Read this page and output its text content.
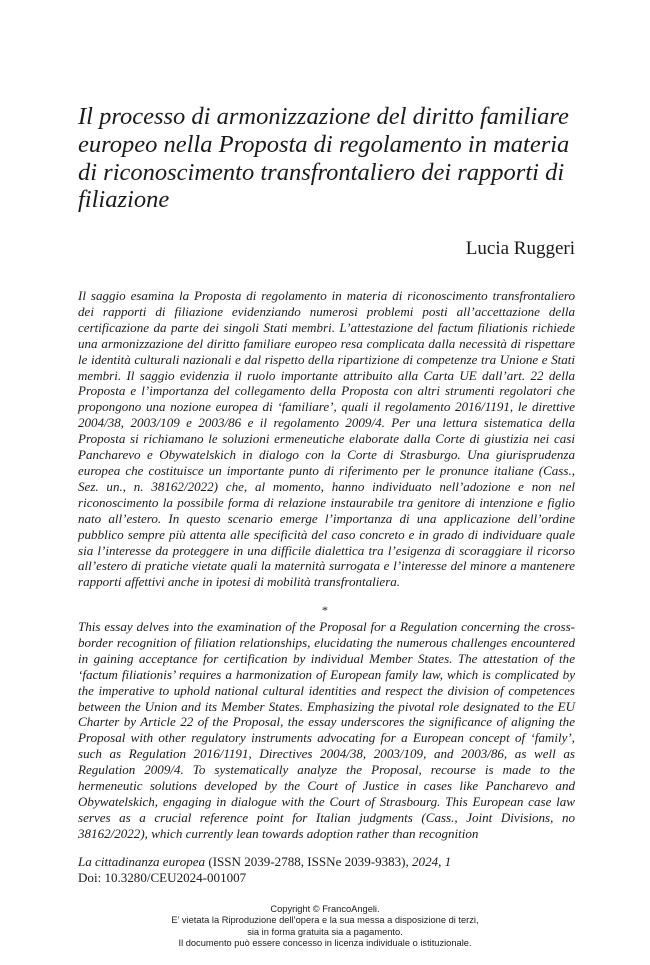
Il processo di armonizzazione del diritto familiare europeo nella Proposta di regolamento in materia di riconoscimento transfrontaliero dei rapporti di filiazione
Lucia Ruggeri

Il saggio esamina la Proposta di regolamento in materia di riconoscimento transfrontaliero dei rapporti di filiazione evidenziando numerosi problemi posti all’accettazione della certificazione da parte dei singoli Stati membri. L’attestazione del factum filiationis richiede una armonizzazione del diritto familiare europeo resa complicata dalla necessità di rispettare le identità culturali nazionali e dal rispetto della ripartizione di competenze tra Unione e Stati membri. Il saggio evidenzia il ruolo importante attribuito alla Carta UE dall’art. 22 della Proposta e l’importanza del collegamento della Proposta con altri strumenti regolatori che propongono una nozione europea di ‘familiare’, quali il regolamento 2016/1191, le direttive 2004/38, 2003/109 e 2003/86 e il regolamento 2009/4. Per una lettura sistematica della Proposta si richiamano le soluzioni ermeneutiche elaborate dalla Corte di giustizia nei casi Pancharevo e Obywatelskich in dialogo con la Corte di Strasburgo. Una giurisprudenza europea che costituisce un importante punto di riferimento per le pronunce italiane (Cass., Sez. un., n. 38162/2022) che, al momento, hanno individuato nell’adozione e non nel riconoscimento la possibile forma di relazione instaurabile tra genitore di intenzione e figlio nato all’estero. In questo scenario emerge l’importanza di una applicazione dell’ordine pubblico sempre più attenta alle specificità del caso concreto e in grado di individuare quale sia l’interesse da proteggere in una difficile dialettica tra l’esigenza di scoraggiare il ricorso all’estero di pratiche vietate quali la maternità surrogata e l’interesse del minore a mantenere rapporti affettivi anche in ipotesi di mobilità transfrontaliera.

*

This essay delves into the examination of the Proposal for a Regulation concerning the cross-border recognition of filiation relationships, elucidating the numerous challenges encountered in gaining acceptance for certification by individual Member States. The attestation of the ‘factum filiationis’ requires a harmonization of European family law, which is complicated by the imperative to uphold national cultural identities and respect the division of competences between the Union and its Member States. Emphasizing the pivotal role designated to the EU Charter by Article 22 of the Proposal, the essay underscores the significance of aligning the Proposal with other regulatory instruments advocating for a European concept of ‘family’, such as Regulation 2016/1191, Directives 2004/38, 2003/109, and 2003/86, as well as Regulation 2009/4. To systematically analyze the Proposal, recourse is made to the hermeneutic solutions developed by the Court of Justice in cases like Pancharevo and Obywatelskich, engaging in dialogue with the Court of Strasbourg. This European case law serves as a crucial reference point for Italian judgments (Cass., Joint Divisions, no 38162/2022), which currently lean towards adoption rather than recognition

La cittadinanza europea (ISSN 2039-2788, ISSNe 2039-9383), 2024, 1
Doi: 10.3280/CEU2024-001007
Copyright © FrancoAngeli.
E’ vietata la Riproduzione dell’opera e la sua messa a disposizione di terzi,
sia in forma gratuita sia a pagamento.
Il documento può essere concesso in licenza individuale o istituzionale.
